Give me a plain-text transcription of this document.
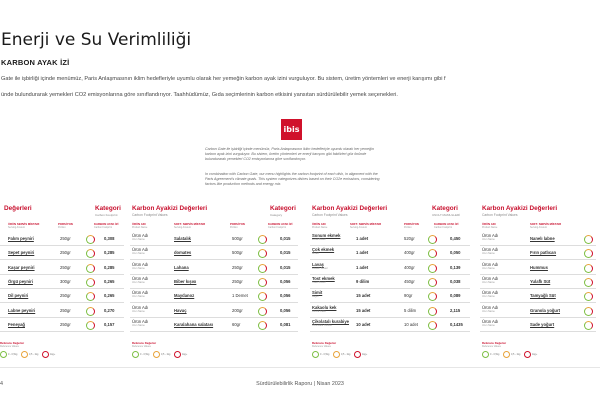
Enerji ve Su Verimliliği
KARBON AYAK İZİ
Gate ile işbirliği içinde menümüz, Paris Anlaşmasının iklim hedefleriyle uyumlu olarak her yemeğin karbon ayak izini vurguluyor. Bu sistem, üretim yöntemleri ve enerji karışımı gibi f
ünde bulundurarak yemekleri CO2 emisyonlarına göre sınıflandırıyor. Taahhüdümüz, Gıda seçimlerinin karbon etkisini yansıtan sürdürülebilir yemek seçenekleri.
ibis
Carbon Gate ile işbirliği içinde menümüz, Paris Anlaşmasının iklim hedefleriyle uyumlu olarak her yemeğin karbon ayak izini vurguluyor. Bu sistem, üretim yöntemleri ve enerji karışımı gibi faktörleri göz önünde bulundurarak yemekleri CO2 emisyonlarına göre sınıflandırıyor.
In combination with Carbon Gate, our menu highlights the carbon footprint of each dish, in alignment with the Paris Agreement's climate goals. This system categorizes dishes based on their CO2e emissions, considering factors like production methods and energy mix.
Değerleri	Kategori
Carbon Footprint
ÜRÜN SERVİS MİKTARI
Serving Amount
PORSİYON
Portion
KARBON AYAK İZİ
Carbon Footprint
Falım peyniri	250gr	0,308
Sepet peyniri	250gr	0,285
Kaşar peyniri	250gr	0,285
Örgü peyniri	300gr	0,265
Dil peyniri	250gr	0,265
Labne peyniri	250gr	0,270
Feneyağ	250gr	0,157
Karbon Ayakizi Değerleri
Carbon Footprint Values
Kategori
Category
ÜRÜN ADI
Product Name
SOFT. SERVİS MİKTARI
Serving Amount
PORSİYON
Portion
KARBON AYAK İZİ
Carbon Footprint
Ürün Adı
Urun Name	Salatalık	500gr	0,015
Ürün Adı
Urun Name	domates	500gr	0,015
Ürün Adı
Urun Name	Lahana	250gr	0,015
Ürün Adı
Urun Name	Biber kışısı	250gr	0,056
Ürün Adı
Urun Name	Maydanoz	1 Demet	0,056
Ürün Adı
Urun Name	Havuç	200gr	0,056
Ürün Adı
Urun Name	Karalahana salatası	60gr	0,081
Karbon Ayakizi Değerleri
Carbon Footprint Values
Kategori
UNCLT MAMULLERİ
ÜRÜN ADI
Product Name
SOFT. SERVİS MİKTARI
Serving Amount
PORSİYON
Portion
KARBON AYAK İZİ
Carbon Footprint
Sonum ekmek
Local Bread	1 adet	520gr	0,450
Çok ekmek
Bread	1 adet	400gr	0,050
Lavaş
Lavash Bread	1 adet	400gr	0,139
Tost ekmek
Toast Bread	9 dilim	450gr	0,038
Simit
Bagel	15 adet	90gr	0,089
Kakaolu kek
Cocoa Cake	15 adet	5 dilim	2,115
Çikolatalı kurabiye
Chocolate Cookie	10 adet	10 adet	0,1435
Karbon Ayakizi Değerleri
Carbon Footprint Values
ÜRÜN ADI
Product Name
SOFT. SERVİS MİKTARI
Serving Amount
Ürün Adı
Urun Name	Nanelı labne
Ürün Adı
Urun Name	Fırın patlıcan
Ürün Adı
Urun Name	Hummus
Ürün Adı
Urun Name	Yulaflı Süt
Ürün Adı
Urun Name	Tamyağlı Süt
Ürün Adı
Urun Name	Granola yoğurt
Ürün Adı
Urun Name	Sade yoğurt
Referans Değerler
Reference Values
0 - 0,5kg	0,5 - 1kg	1kg+
Referans Değerler
Reference Values
0 - 0,5kg	0,5 - 1kg	1kg+
Referans Değerler
Reference Values
0 - 0,5kg	0,5 - 1kg	1kg+
Referans Değerler
Reference Values
0 - 0,5kg	0,5 - 1kg	1kg+
4	Sürdürülebilirlik Raporu | Nisan 2023
